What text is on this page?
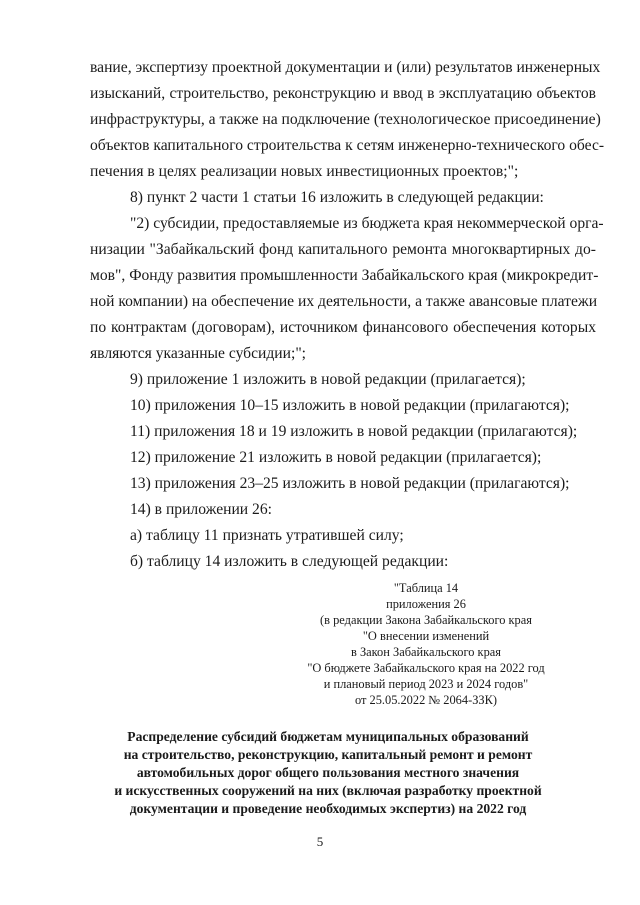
вание, экспертизу проектной документации и (или) результатов инженерных
изысканий, строительство, реконструкцию и ввод в эксплуатацию объектов
инфраструктуры, а также на подключение (технологическое присоединение)
объектов капитального строительства к сетям инженерно-технического обес-
печения в целях реализации новых инвестиционных проектов;";
8) пункт 2 части 1 статьи 16 изложить в следующей редакции:
"2) субсидии, предоставляемые из бюджета края некоммерческой орга-
низации "Забайкальский фонд капитального ремонта многоквартирных до-
мов", Фонду развития промышленности Забайкальского края (микрокредит-
ной компании) на обеспечение их деятельности, а также авансовые платежи
по контрактам (договорам), источником финансового обеспечения которых
являются указанные субсидии;";
9) приложение 1 изложить в новой редакции (прилагается);
10) приложения 10–15 изложить в новой редакции (прилагаются);
11) приложения 18 и 19 изложить в новой редакции (прилагаются);
12) приложение 21 изложить в новой редакции (прилагается);
13) приложения 23–25 изложить в новой редакции (прилагаются);
14) в приложении 26:
а) таблицу 11 признать утратившей силу;
б) таблицу 14 изложить в следующей редакции:
"Таблица 14
приложения 26
(в редакции Закона Забайкальского края
"О внесении изменений
в Закон Забайкальского края
"О бюджете Забайкальского края на 2022 год
и плановый период 2023 и 2024 годов"
от 25.05.2022 № 2064-ЗЗК)
Распределение субсидий бюджетам муниципальных образований
на строительство, реконструкцию, капитальный ремонт и ремонт
автомобильных дорог общего пользования местного значения
и искусственных сооружений на них (включая разработку проектной
документации и проведение необходимых экспертиз) на 2022 год
5
